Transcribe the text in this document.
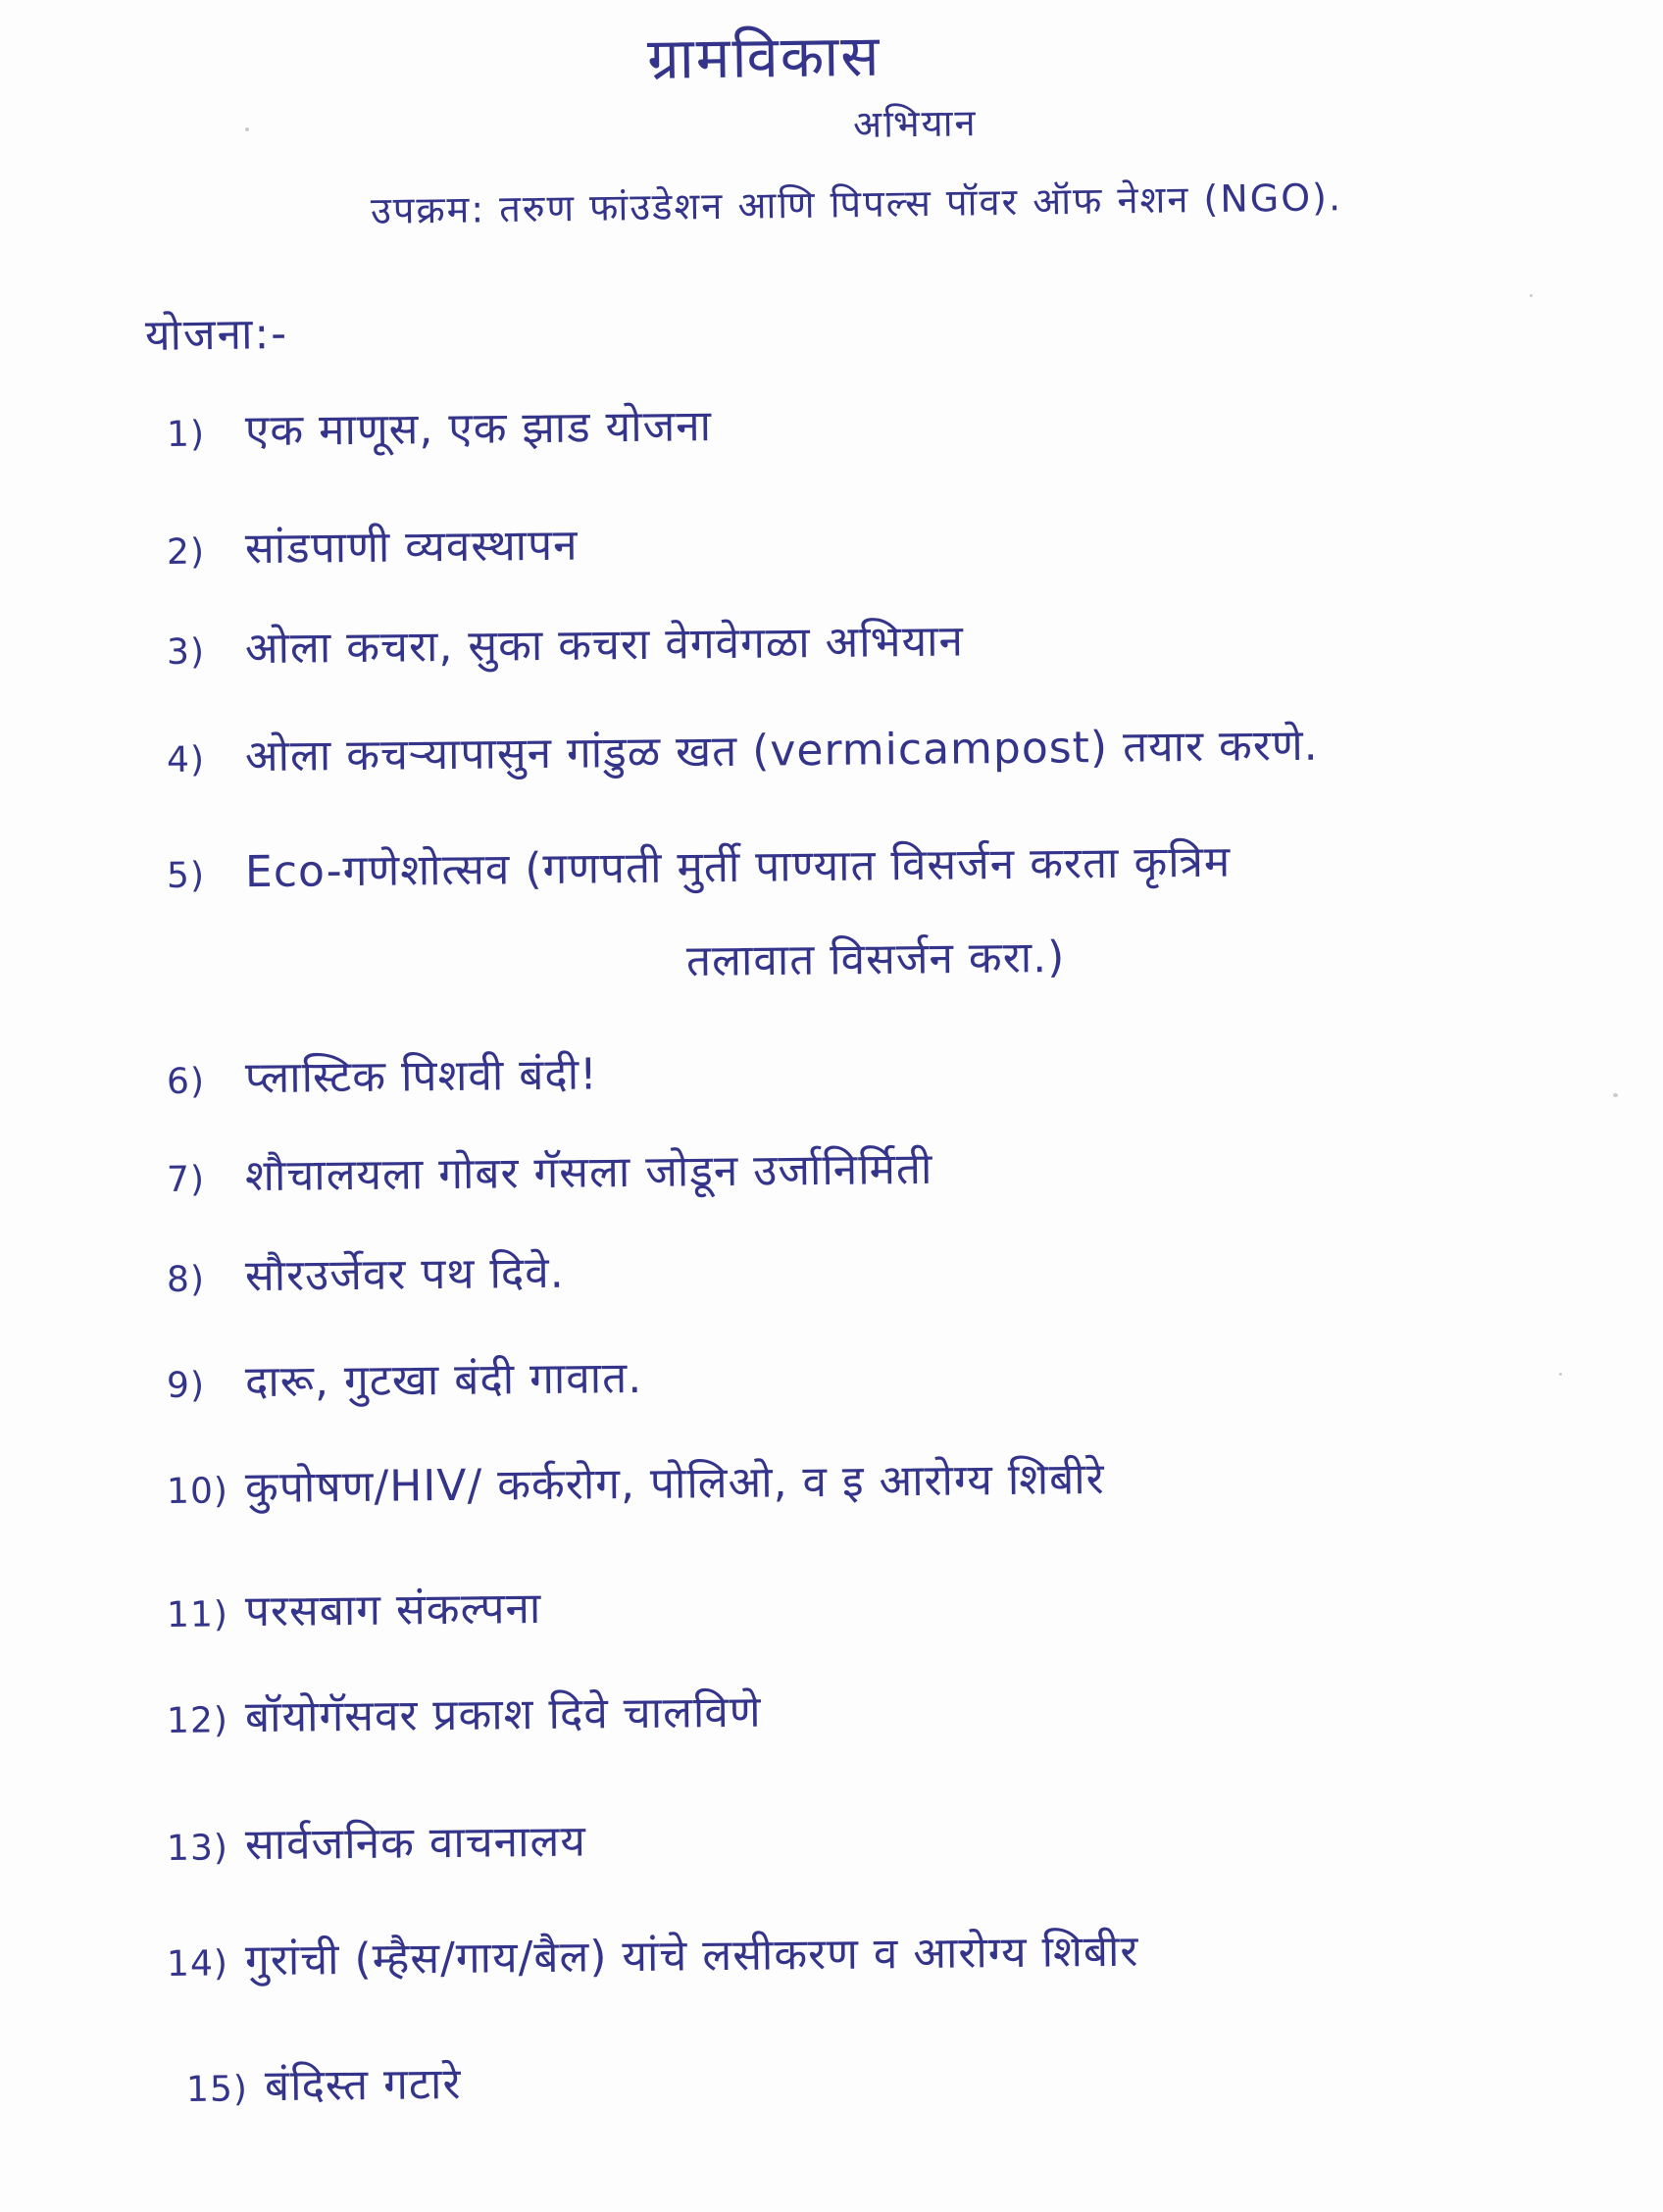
ग्रामविकास
अभियान
उपक्रम: तरुण फांउडेशन आणि पिपल्स पॉवर ऑफ नेशन (NGO).
योजना:-
1) एक माणूस, एक झाड योजना
2) सांडपाणी व्यवस्थापन
3) ओला कचरा, सुका कचरा वेगवेगळा अभियान
4) ओला कचऱ्यापासुन गांडुळ खत (vermicampost) तयार करणे.
5) Eco-गणेशोत्सव (गणपती मुर्ती पाण्यात विसर्जन करता कृत्रिम
तलावात विसर्जन करा.)
6) प्लास्टिक पिशवी बंदी!
7) शौचालयला गोबर गॅसला जोडून उर्जानिर्मिती
8) सौरउर्जेवर पथ दिवे.
9) दारू, गुटखा बंदी गावात.
10) कुपोषण/HIV/ कर्करोग, पोलिओ, व इ आरोग्य शिबीरे
11) परसबाग संकल्पना
12) बॉयोगॅसवर प्रकाश दिवे चालविणे
13) सार्वजनिक वाचनालय
14) गुरांची (म्हैस/गाय/बैल) यांचे लसीकरण व आरोग्य शिबीर
15) बंदिस्त गटारे
